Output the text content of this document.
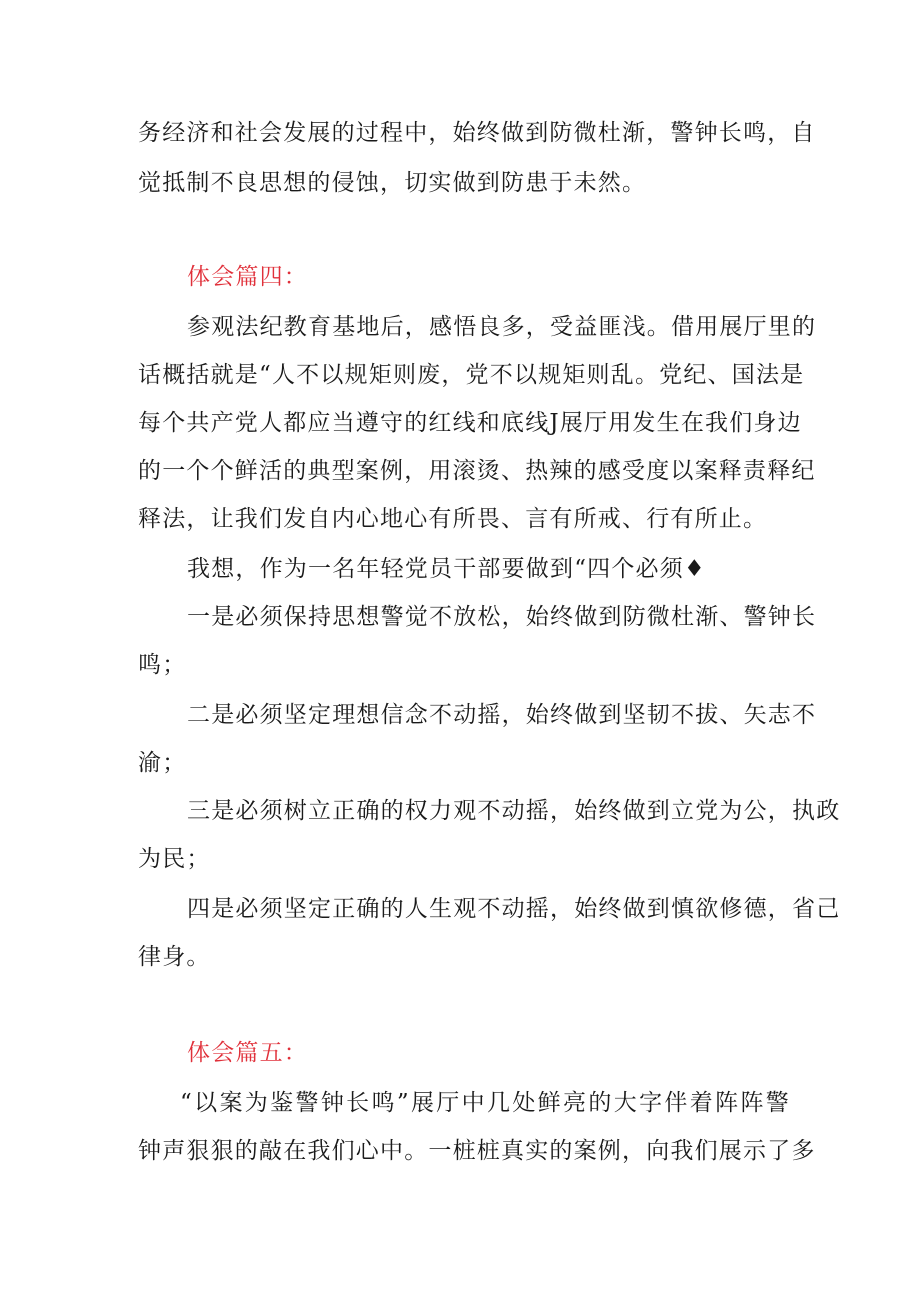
务经济和社会发展的过程中，始终做到防微杜渐，警钟长鸣，自
觉抵制不良思想的侵蚀，切实做到防患于未然。
体会篇四：
参观法纪教育基地后，感悟良多，受益匪浅。借用展厅里的
话概括就是“人不以规矩则废，党不以规矩则乱。党纪、国法是
每个共产党人都应当遵守的红线和底线J展厅用发生在我们身边
的一个个鲜活的典型案例，用滚烫、热辣的感受度以案释责释纪
释法，让我们发自内心地心有所畏、言有所戒、行有所止。
我想，作为一名年轻党员干部要做到“四个必须♦
一是必须保持思想警觉不放松，始终做到防微杜渐、警钟长
鸣；
二是必须坚定理想信念不动摇，始终做到坚韧不拔、矢志不
渝；
三是必须树立正确的权力观不动摇，始终做到立党为公，执政
为民；
四是必须坚定正确的人生观不动摇，始终做到慎欲修德，省己
律身。
体会篇五：
“以案为鉴警钟长鸣”展厅中几处鲜亮的大字伴着阵阵警
钟声狠狠的敲在我们心中。一桩桩真实的案例，向我们展示了多
